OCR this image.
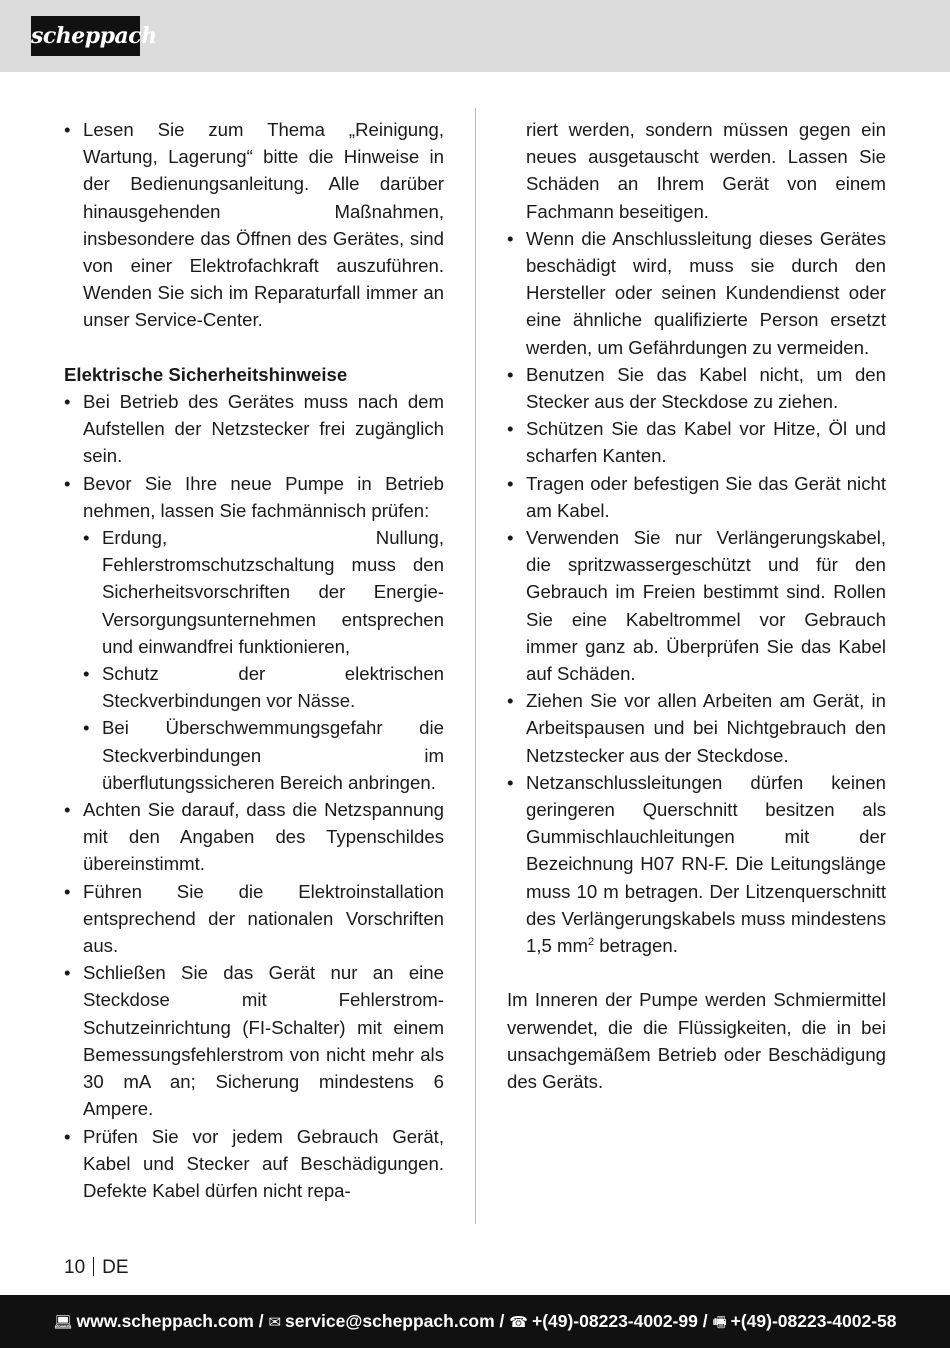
scheppach
• Lesen Sie zum Thema „Reinigung, Wartung, Lagerung“ bitte die Hinweise in der Bedienungsanleitung. Alle darüber hinausgehenden Maßnahmen, insbesondere das Öffnen des Gerätes, sind von einer Elektrofachkraft auszuführen. Wenden Sie sich im Reparaturfall immer an unser Service-Center.
Elektrische Sicherheitshinweise
• Bei Betrieb des Gerätes muss nach dem Aufstellen der Netzstecker frei zugänglich sein.
• Bevor Sie Ihre neue Pumpe in Betrieb nehmen, lassen Sie fachmännisch prüfen:
• Erdung, Nullung, Fehlerstromschutzschaltung muss den Sicherheitsvorschriften der Energie-Versorgungsunternehmen entsprechen und einwandfrei funktionieren,
• Schutz der elektrischen Steckverbindungen vor Nässe.
• Bei Überschwemmungsgefahr die Steckverbindungen im überflutungssicheren Bereich anbringen.
• Achten Sie darauf, dass die Netzspannung mit den Angaben des Typenschildes übereinstimmt.
• Führen Sie die Elektroinstallation entsprechend der nationalen Vorschriften aus.
• Schließen Sie das Gerät nur an eine Steckdose mit Fehlerstrom-Schutzeinrichtung (FI-Schalter) mit einem Bemessungsfehlerstrom von nicht mehr als 30 mA an; Sicherung mindestens 6 Ampere.
• Prüfen Sie vor jedem Gebrauch Gerät, Kabel und Stecker auf Beschädigungen. Defekte Kabel dürfen nicht repa-
riert werden, sondern müssen gegen ein neues ausgetauscht werden. Lassen Sie Schäden an Ihrem Gerät von einem Fachmann beseitigen.
• Wenn die Anschlussleitung dieses Gerätes beschädigt wird, muss sie durch den Hersteller oder seinen Kundendienst oder eine ähnliche qualifizierte Person ersetzt werden, um Gefährdungen zu vermeiden.
• Benutzen Sie das Kabel nicht, um den Stecker aus der Steckdose zu ziehen.
• Schützen Sie das Kabel vor Hitze, Öl und scharfen Kanten.
• Tragen oder befestigen Sie das Gerät nicht am Kabel.
• Verwenden Sie nur Verlängerungskabel, die spritzwassergeschützt und für den Gebrauch im Freien bestimmt sind. Rollen Sie eine Kabeltrommel vor Gebrauch immer ganz ab. Überprüfen Sie das Kabel auf Schäden.
• Ziehen Sie vor allen Arbeiten am Gerät, in Arbeitspausen und bei Nichtgebrauch den Netzstecker aus der Steckdose.
• Netzanschlussleitungen dürfen keinen geringeren Querschnitt besitzen als Gummischlauchleitungen mit der Bezeichnung H07 RN-F. Die Leitungslänge muss 10 m betragen. Der Litzenquerschnitt des Verlängerungskabels muss mindestens 1,5 $mm^2$ betragen.

Im Inneren der Pumpe werden Schmiermittel verwendet, die die Flüssigkeiten, die in bei unsachgemäßem Betrieb oder Beschädigung des Geräts.

10 DE
💻︎ www.scheppach.com / ✉︎ service@scheppach.com / ☎︎ +(49)-08223-4002-99 / 🖷︎ +(49)-08223-4002-58
